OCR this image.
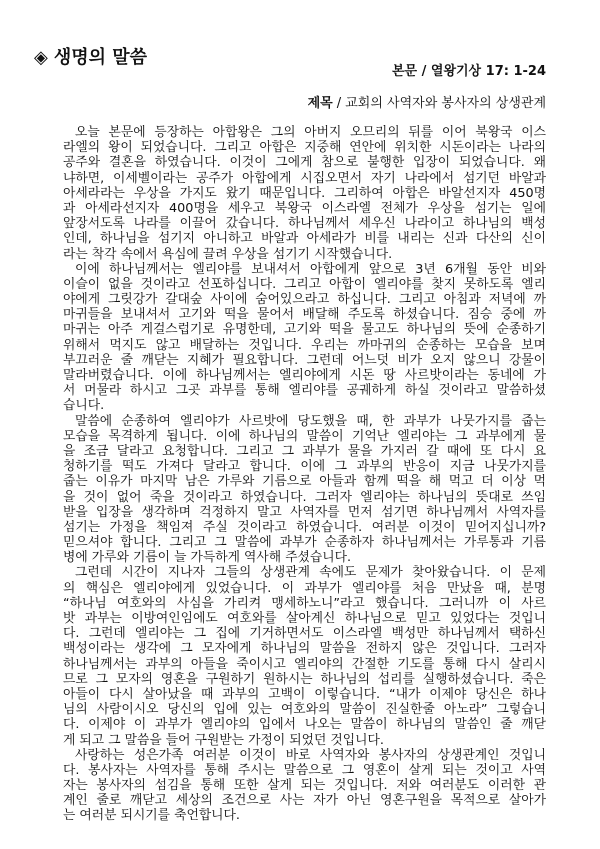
◈ 생명의 말씀
본문 / 열왕기상 17: 1-24
제목 / 교회의 사역자와 봉사자의 상생관계
오늘 본문에 등장하는 아합왕은 그의 아버지 오므리의 뒤를 이어 북왕국 이스
라엘의 왕이 되었습니다. 그리고 아합은 지중해 연안에 위치한 시돈이라는 나라의
공주와 결혼을 하였습니다. 이것이 그에게 참으로 불행한 입장이 되었습니다. 왜
냐하면, 이세벨이라는 공주가 아합에게 시집오면서 자기 나라에서 섬기던 바알과
아세라라는 우상을 가지도 왔기 때문입니다. 그리하여 아합은 바알선지자 450명
과 아세라선지자 400명을 세우고 북왕국 이스라엘 전체가 우상을 섬기는 일에
앞장서도록 나라를 이끌어 갔습니다. 하나님께서 세우신 나라이고 하나님의 백성
인데, 하나님을 섬기지 아니하고 바알과 아세라가 비를 내리는 신과 다산의 신이
라는 착각 속에서 욕심에 끌려 우상을 섬기기 시작했습니다.
이에 하나님께서는 엘리야를 보내셔서 아합에게 앞으로 3년 6개월 동안 비와
이슬이 없을 것이라고 선포하십니다. 그리고 아합이 엘리야를 찾지 못하도록 엘리
야에게 그릿강가 갈대숲 사이에 숨어있으라고 하십니다. 그리고 아침과 저녁에 까
마귀들을 보내셔서 고기와 떡을 물어서 배달해 주도록 하셨습니다. 짐승 중에 까
마귀는 아주 게걸스럽기로 유명한데, 고기와 떡을 물고도 하나님의 뜻에 순종하기
위해서 먹지도 않고 배달하는 것입니다. 우리는 까마귀의 순종하는 모습을 보며
부끄러운 줄 깨닫는 지혜가 필요합니다. 그런데 어느덧 비가 오지 않으니 강물이
말라버렸습니다. 이에 하나님께서는 엘리야에게 시돈 땅 사르밧이라는 동네에 가
서 머물라 하시고 그곳 과부를 통해 엘리야를 공궤하게 하실 것이라고 말씀하셨
습니다.
말씀에 순종하여 엘리야가 사르밧에 당도했을 때, 한 과부가 나뭇가지를 줍는
모습을 목격하게 됩니다. 이에 하나님의 말씀이 기억난 엘리야는 그 과부에게 물
을 조금 달라고 요청합니다. 그리고 그 과부가 물을 가지러 갈 때에 또 다시 요
청하기를 떡도 가져다 달라고 합니다. 이에 그 과부의 반응이 지금 나뭇가지를
줍는 이유가 마지막 남은 가루와 기름으로 아들과 함께 떡을 해 먹고 더 이상 먹
을 것이 없어 죽을 것이라고 하였습니다. 그러자 엘리야는 하나님의 뜻대로 쓰임
받을 입장을 생각하며 걱정하지 말고 사역자를 먼저 섬기면 하나님께서 사역자를
섬기는 가정을 책임져 주실 것이라고 하였습니다. 여러분 이것이 믿어지십니까?
믿으셔야 합니다. 그리고 그 말씀에 과부가 순종하자 하나님께서는 가루통과 기름
병에 가루와 기름이 늘 가득하게 역사해 주셨습니다.
그런데 시간이 지나자 그들의 상생관계 속에도 문제가 찾아왔습니다. 이 문제
의 핵심은 엘리야에게 있었습니다. 이 과부가 엘리야를 처음 만났을 때, 분명
“하나님 여호와의 사심을 가리켜 맹세하노니”라고 했습니다. 그러니까 이 사르
밧 과부는 이방여인임에도 여호와를 살아계신 하나님으로 믿고 있었다는 것입니
다. 그런데 엘리야는 그 집에 기거하면서도 이스라엘 백성만 하나님께서 택하신
백성이라는 생각에 그 모자에게 하나님의 말씀을 전하지 않은 것입니다. 그러자
하나님께서는 과부의 아들을 죽이시고 엘리야의 간절한 기도를 통해 다시 살리시
므로 그 모자의 영혼을 구원하기 원하시는 하나님의 섭리를 실행하셨습니다. 죽은
아들이 다시 살아났을 때 과부의 고백이 이렇습니다. “내가 이제야 당신은 하나
님의 사람이시오 당신의 입에 있는 여호와의 말씀이 진실한줄 아노라” 그렇습니
다. 이제야 이 과부가 엘리야의 입에서 나오는 말씀이 하나님의 말씀인 줄 깨닫
게 되고 그 말씀을 들어 구원받는 가정이 되었던 것입니다.
사랑하는 성은가족 여러분 이것이 바로 사역자와 봉사자의 상생관계인 것입니
다. 봉사자는 사역자를 통해 주시는 말씀으로 그 영혼이 살게 되는 것이고 사역
자는 봉사자의 섬김을 통해 또한 살게 되는 것입니다. 저와 여러분도 이러한 관
계인 줄로 깨닫고 세상의 조건으로 사는 자가 아닌 영혼구원을 목적으로 살아가
는 여러분 되시기를 축언합니다.
